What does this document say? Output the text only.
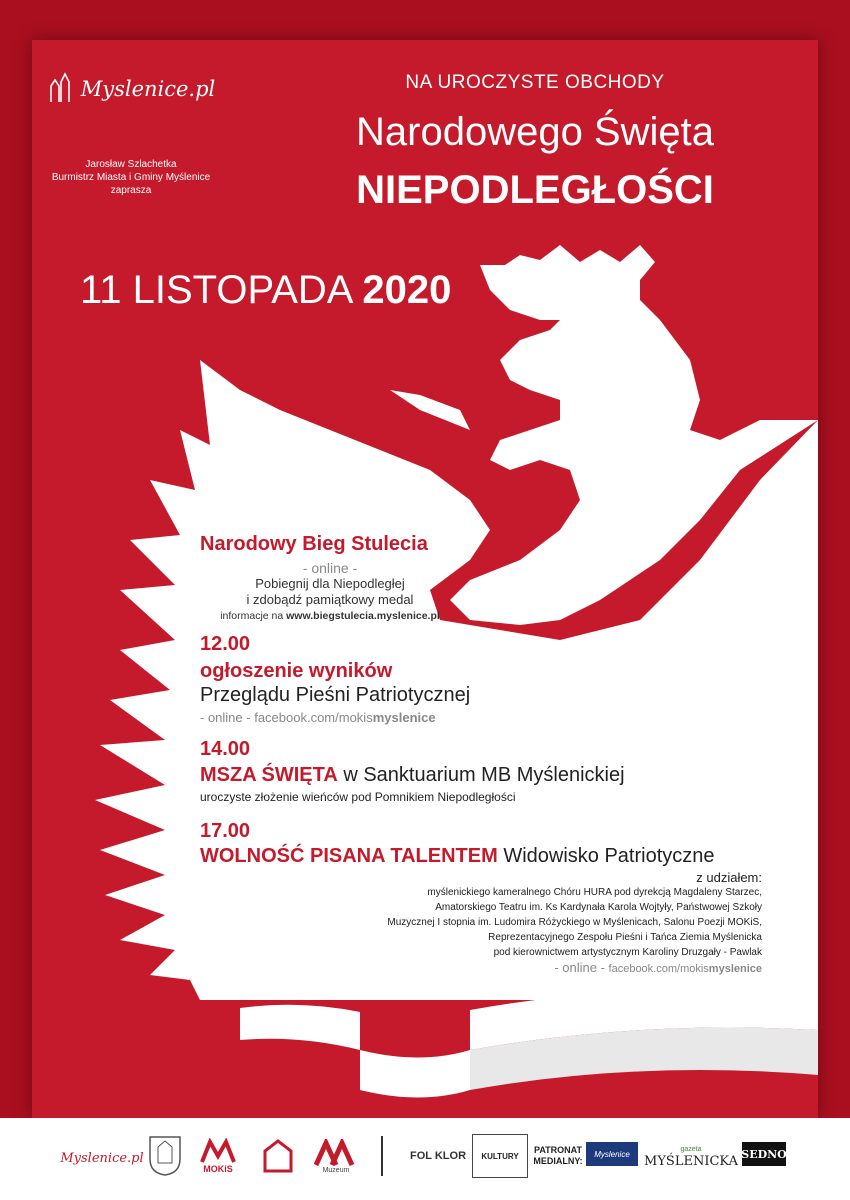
Myslenice.pl
Jarosław Szlachetka
Burmistrz Miasta i Gminy Myślenice
zaprasza
NA UROCZYSTE OBCHODY
Narodowego Święta
NIEPODLEGŁOŚCI
11 LISTOPADA 2020
Narodowy Bieg Stulecia
- online -
Pobiegnij dla Niepodległej
i zdobądź pamiątkowy medal
informacje na www.biegstulecia.myslenice.pl
12.00
ogłoszenie wyników
Przeglądu Pieśni Patriotycznej
- online - facebook.com/mokismyslenice
14.00
MSZA ŚWIĘTA w Sanktuarium MB Myślenickiej
uroczyste złożenie wieńców pod Pomnikiem Niepodległości
17.00
WOLNOŚĆ PISANA TALENTEM Widowisko Patriotyczne
z udziałem:
myślenickiego kameralnego Chóru HURA pod dyrekcją Magdaleny Starzec,
Amatorskiego Teatru im. Ks Kardynała Karola Wojtyły, Państwowej Szkoły
Muzycznej I stopnia im. Ludomira Różyckiego w Myślenicach, Salonu Poezji MOKiS,
Reprezentacyjnego Zespołu Pieśni i Tańca Ziemia Myślenicka
pod kierownictwem artystycznym Karoliny Druzgały - Pawlak
- online - facebook.com/mokismyslenice
Myslenice.pl
MOKiS	Muzeum
FOL KLOR KULTURY
PATRONAT
MEDIALNY:
Myslenice	gazeta
MYŚLENICKA SEDNO
